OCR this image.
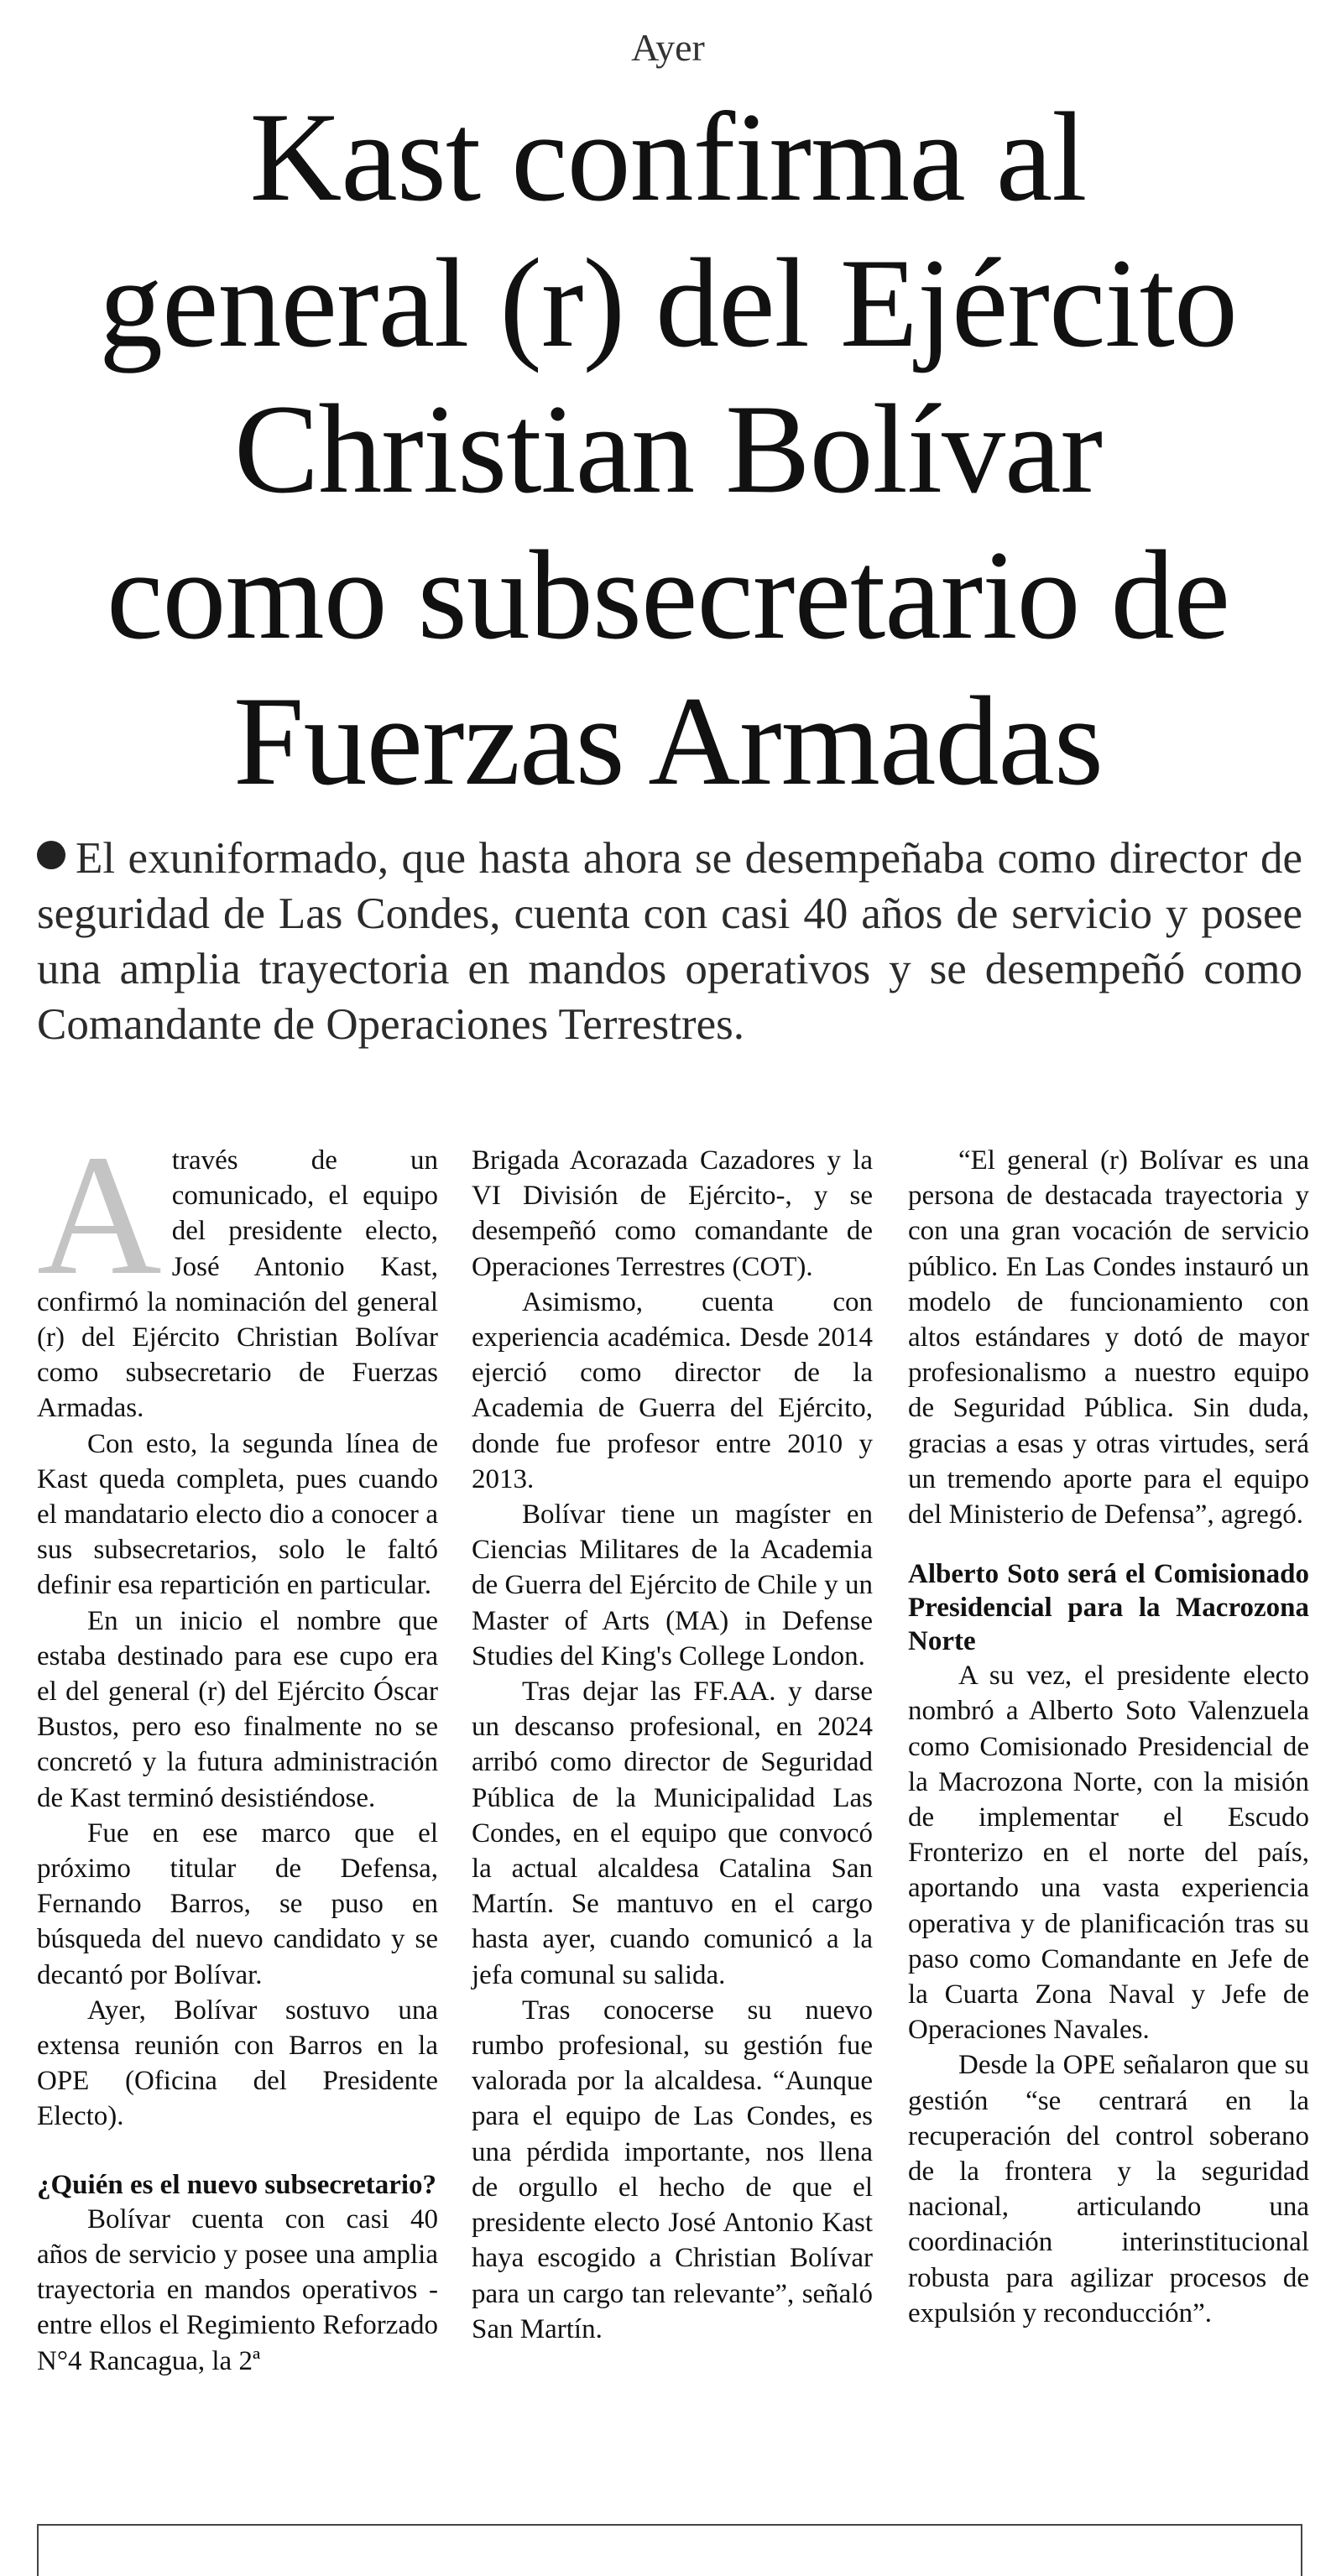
Ayer
Kast confirma al
general (r) del Ejército
Christian Bolívar
como subsecretario de
Fuerzas Armadas
El exuniformado, que hasta ahora se desempeñaba como director de seguridad de Las Condes, cuenta con casi 40 años de servicio y posee una amplia trayectoria en mandos operativos y se desempeñó como Comandante de Operaciones Terrestres.
A través de un comunicado, el equipo del presidente electo, José Antonio Kast, confirmó la nominación del general (r) del Ejército Christian Bolívar como subsecretario de Fuerzas Armadas.

Con esto, la segunda línea de Kast queda completa, pues cuando el mandatario electo dio a conocer a sus subsecretarios, solo le faltó definir esa repartición en particular.

En un inicio el nombre que estaba destinado para ese cupo era el del general (r) del Ejército Óscar Bustos, pero eso finalmente no se concretó y la futura administración de Kast terminó desistiéndose.

Fue en ese marco que el próximo titular de Defensa, Fernando Barros, se puso en búsqueda del nuevo candidato y se decantó por Bolívar.

Ayer, Bolívar sostuvo una extensa reunión con Barros en la OPE (Oficina del Presidente Electo).

¿Quién es el nuevo subsecretario?

Bolívar cuenta con casi 40 años de servicio y posee una amplia trayectoria en mandos operativos -entre ellos el Regimiento Reforzado N°4 Rancagua, la 2ª

Brigada Acorazada Cazadores y la VI División de Ejército-, y se desempeñó como comandante de Operaciones Terrestres (COT).

Asimismo, cuenta con experiencia académica. Desde 2014 ejerció como director de la Academia de Guerra del Ejército, donde fue profesor entre 2010 y 2013.

Bolívar tiene un magíster en Ciencias Militares de la Academia de Guerra del Ejército de Chile y un Master of Arts (MA) in Defense Studies del King's College London.

Tras dejar las FF.AA. y darse un descanso profesional, en 2024 arribó como director de Seguridad Pública de la Municipalidad Las Condes, en el equipo que convocó la actual alcaldesa Catalina San Martín. Se mantuvo en el cargo hasta ayer, cuando comunicó a la jefa comunal su salida.

Tras conocerse su nuevo rumbo profesional, su gestión fue valorada por la alcaldesa. “Aunque para el equipo de Las Condes, es una pérdida importante, nos llena de orgullo el hecho de que el presidente electo José Antonio Kast haya escogido a Christian Bolívar para un cargo tan relevante”, señaló San Martín.

“El general (r) Bolívar es una persona de destacada trayectoria y con una gran vocación de servicio público. En Las Condes instauró un modelo de funcionamiento con altos estándares y dotó de mayor profesionalismo a nuestro equipo de Seguridad Pública. Sin duda, gracias a esas y otras virtudes, será un tremendo aporte para el equipo del Ministerio de Defensa”, agregó.

Alberto Soto será el Comisionado Presidencial para la Macrozona Norte

A su vez, el presidente electo nombró a Alberto Soto Valenzuela como Comisionado Presidencial de la Macrozona Norte, con la misión de implementar el Escudo Fronterizo en el norte del país, aportando una vasta experiencia operativa y de planificación tras su paso como Comandante en Jefe de la Cuarta Zona Naval y Jefe de Operaciones Navales.

Desde la OPE señalaron que su gestión “se centrará en la recuperación del control soberano de la frontera y la seguridad nacional, articulando una coordinación interinstitucional robusta para agilizar procesos de expulsión y reconducción”.
